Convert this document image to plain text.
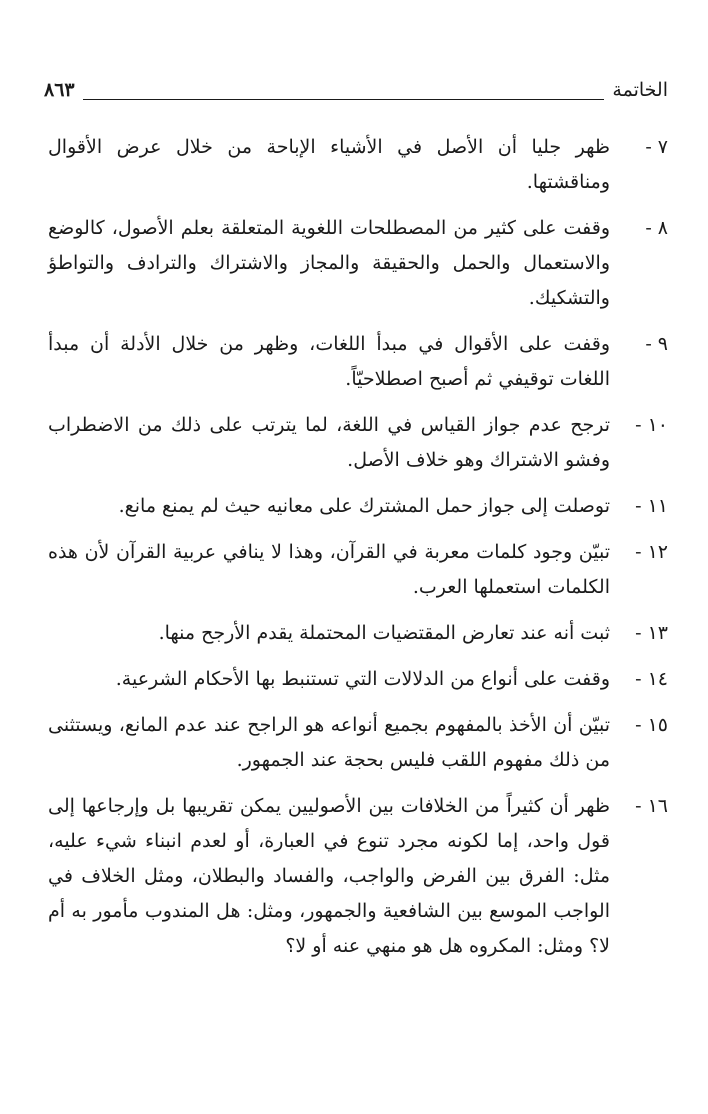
الخاتمة
٨٦٣
٧ -
ظهر جليا أن الأصل في الأشياء الإباحة من خلال عرض الأقوال ومناقشتها.
٨ -
وقفت على كثير من المصطلحات اللغوية المتعلقة بعلم الأصول، كالوضع والاستعمال والحمل والحقيقة والمجاز والاشتراك والترادف والتواطؤ والتشكيك.
٩ -
وقفت على الأقوال في مبدأ اللغات، وظهر من خلال الأدلة أن مبدأ اللغات توقيفي ثم أصبح اصطلاحيّاً.
١٠ -
ترجح عدم جواز القياس في اللغة، لما يترتب على ذلك من الاضطراب وفشو الاشتراك وهو خلاف الأصل.
١١ -
توصلت إلى جواز حمل المشترك على معانيه حيث لم يمنع مانع.
١٢ -
تبيّن وجود كلمات معربة في القرآن، وهذا لا ينافي عربية القرآن لأن هذه الكلمات استعملها العرب.
١٣ -
ثبت أنه عند تعارض المقتضيات المحتملة يقدم الأرجح منها.
١٤ -
وقفت على أنواع من الدلالات التي تستنبط بها الأحكام الشرعية.
١٥ -
تبيّن أن الأخذ بالمفهوم بجميع أنواعه هو الراجح عند عدم المانع، ويستثنى من ذلك مفهوم اللقب فليس بحجة عند الجمهور.
١٦ -
ظهر أن كثيراً من الخلافات بين الأصوليين يمكن تقريبها بل وإرجاعها إلى قول واحد، إما لكونه مجرد تنوع في العبارة، أو لعدم انبناء شيء عليه، مثل: الفرق بين الفرض والواجب، والفساد والبطلان، ومثل الخلاف في الواجب الموسع بين الشافعية والجمهور، ومثل: هل المندوب مأمور به أم لا؟ ومثل: المكروه هل هو منهي عنه أو لا؟
